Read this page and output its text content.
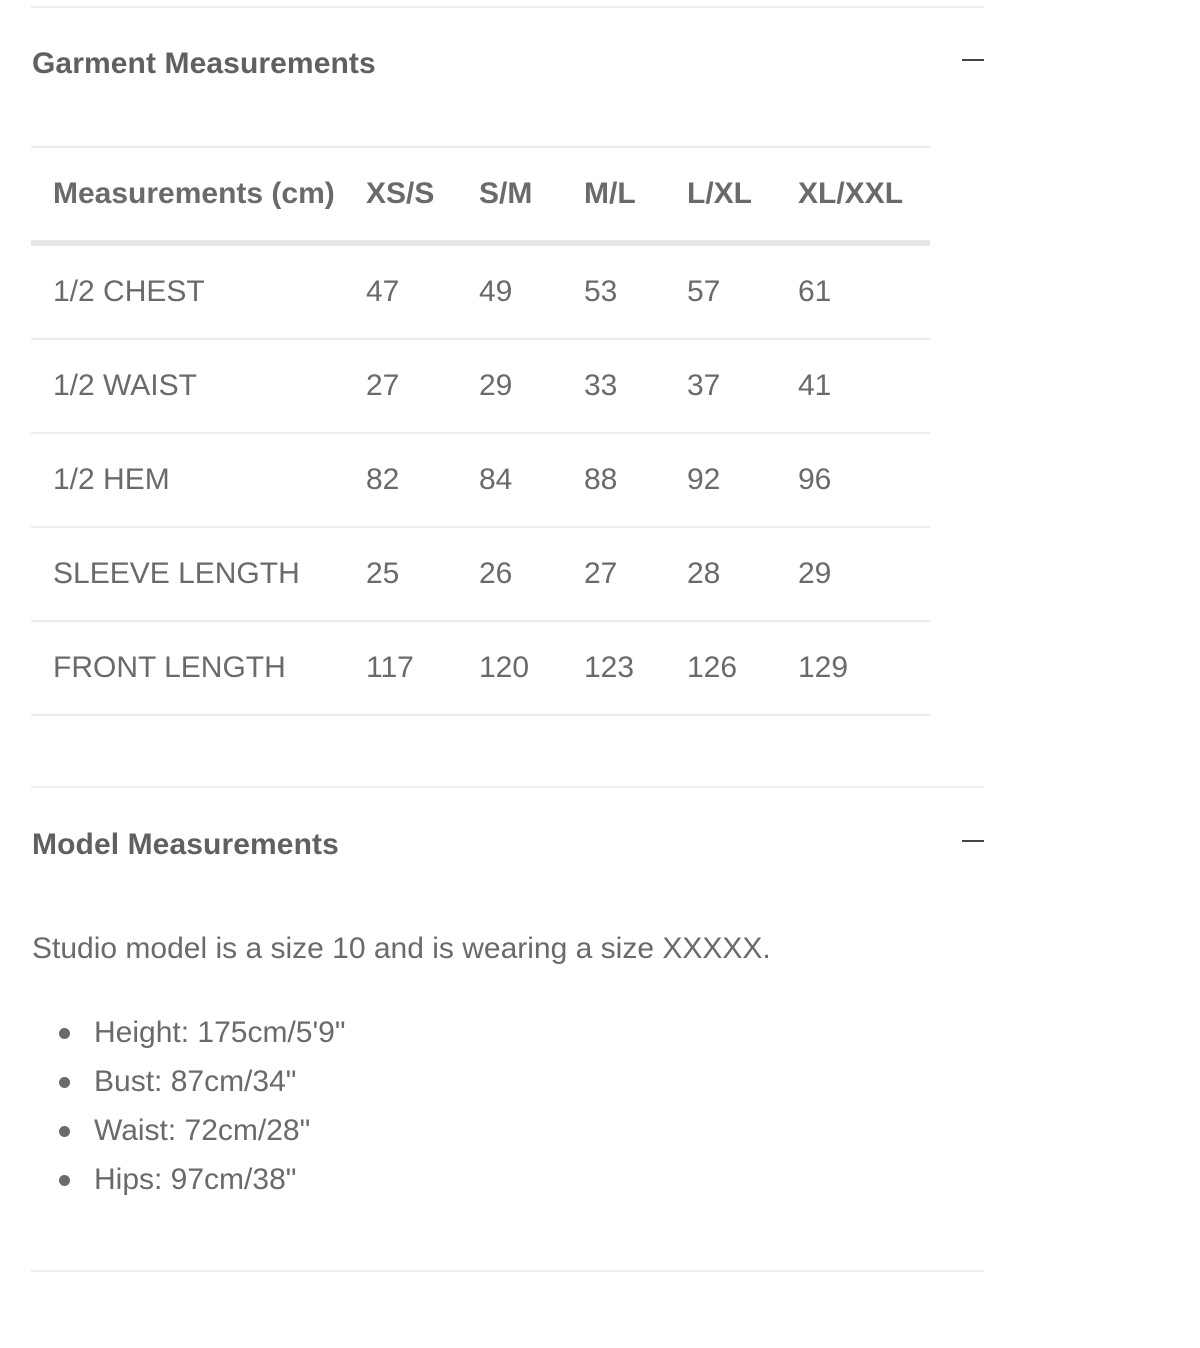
Garment Measurements
Measurements (cm)	XS/S	S/M	M/L	L/XL	XL/XXL
1/2 CHEST	47	49	53	57	61
1/2 WAIST	27	29	33	37	41
1/2 HEM	82	84	88	92	96
SLEEVE LENGTH	25	26	27	28	29
FRONT LENGTH	117	120	123	126	129
Model Measurements

Studio model is a size 10 and is wearing a size XXXXX.

Height: 175cm/5'9"
Bust: 87cm/34"
Waist: 72cm/28"
Hips: 97cm/38"
